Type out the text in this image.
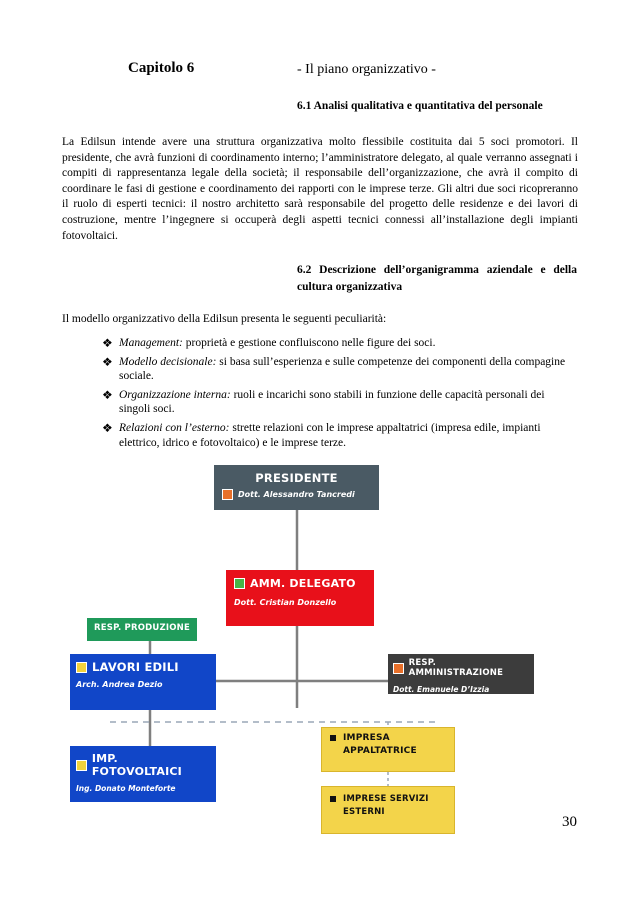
Capitolo 6	- Il piano organizzativo -
6.1 Analisi qualitativa e quantitativa del personale
La Edilsun intende avere una struttura organizzativa molto flessibile costituita dai 5 soci promotori. Il presidente, che avrà funzioni di coordinamento interno; l’amministratore delegato, al quale verranno assegnati i compiti di rappresentanza legale della società; il responsabile dell’organizzazione, che avrà il compito di coordinare le fasi di gestione e coordinamento dei rapporti con le imprese terze. Gli altri due soci ricopreranno il ruolo di esperti tecnici: il nostro architetto sarà responsabile del progetto delle residenze e dei lavori di costruzione, mentre l’ingegnere si occuperà degli aspetti tecnici connessi all’installazione degli impianti fotovoltaici.
6.2 Descrizione dell’organigramma aziendale e della cultura organizzativa
Il modello organizzativo della Edilsun presenta le seguenti peculiarità:
❖ Management: proprietà e gestione confluiscono nelle figure dei soci.
❖ Modello decisionale: si basa sull’esperienza e sulle competenze dei componenti della compagine sociale.
❖ Organizzazione interna: ruoli e incarichi sono stabili in funzione delle capacità personali dei singoli soci.
❖ Relazioni con l’esterno: strette relazioni con le imprese appaltatrici (impresa edile, impianti elettrico, idrico e fotovoltaico) e le imprese terze.
PRESIDENTE
Dott. Alessandro Tancredi
AMM. DELEGATO
Dott. Cristian Donzello
RESP. PRODUZIONE
LAVORI EDILI
Arch. Andrea Dezio
RESP. AMMINISTRAZIONE
Dott. Emanuele D’Izzia
IMP. FOTOVOLTAICI
Ing. Donato Monteforte
IMPRESA
APPALTATRICE
IMPRESE SERVIZI
ESTERNI
30
